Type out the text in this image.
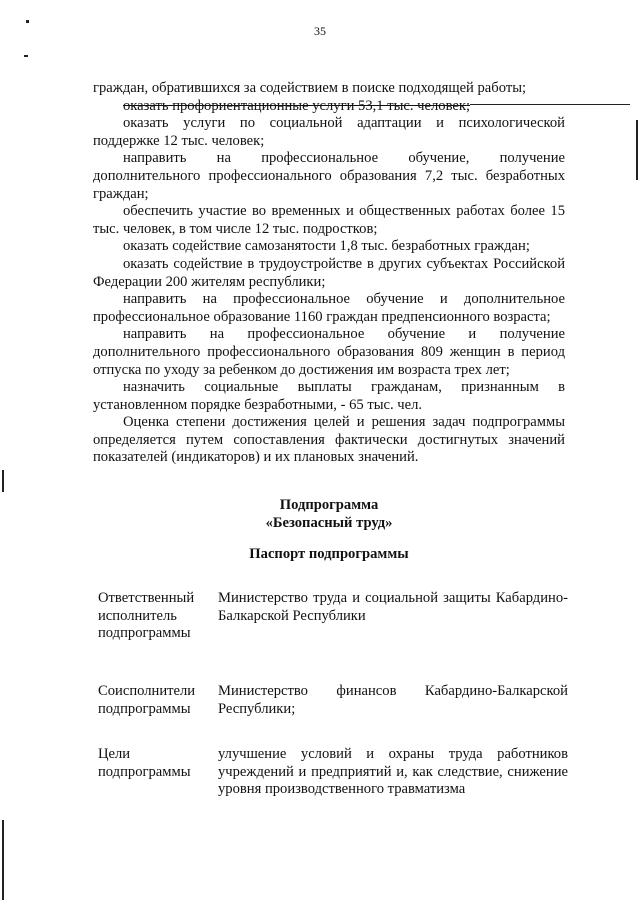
35

граждан, обратившихся за содействием в поиске подходящей работы;

оказать профориентационные услуги 53,1 тыс. человек;

оказать услуги по социальной адаптации и психологической поддержке 12 тыс. человек;

направить на профессиональное обучение, получение дополнительного профессионального образования 7,2 тыс. безработных граждан;

обеспечить участие во временных и общественных работах более 15 тыс. человек, в том числе 12 тыс. подростков;

оказать содействие самозанятости 1,8 тыс. безработных граждан;

оказать содействие в трудоустройстве в других субъектах Российской Федерации 200 жителям республики;

направить на профессиональное обучение и дополнительное профессиональное образование 1160 граждан предпенсионного возраста;

направить на профессиональное обучение и получение дополнительного профессионального образования 809 женщин в период отпуска по уходу за ребенком до достижения им возраста трех лет;

назначить социальные выплаты гражданам, признанным в установленном порядке безработными, - 65 тыс. чел.

Оценка степени достижения целей и решения задач подпрограммы определяется путем сопоставления фактически достигнутых значений показателей (индикаторов) и их плановых значений.

Подпрограмма
«Безопасный труд»
Паспорт подпрограммы
Ответственный исполнитель подпрограммы
Министерство труда и социальной защиты Кабардино-Балкарской Республики
Соисполнители подпрограммы
Министерство финансов Кабардино-Балкарской Республики;
Цели подпрограммы
улучшение условий и охраны труда работников учреждений и предприятий и, как следствие, снижение уровня производственного травматизма
